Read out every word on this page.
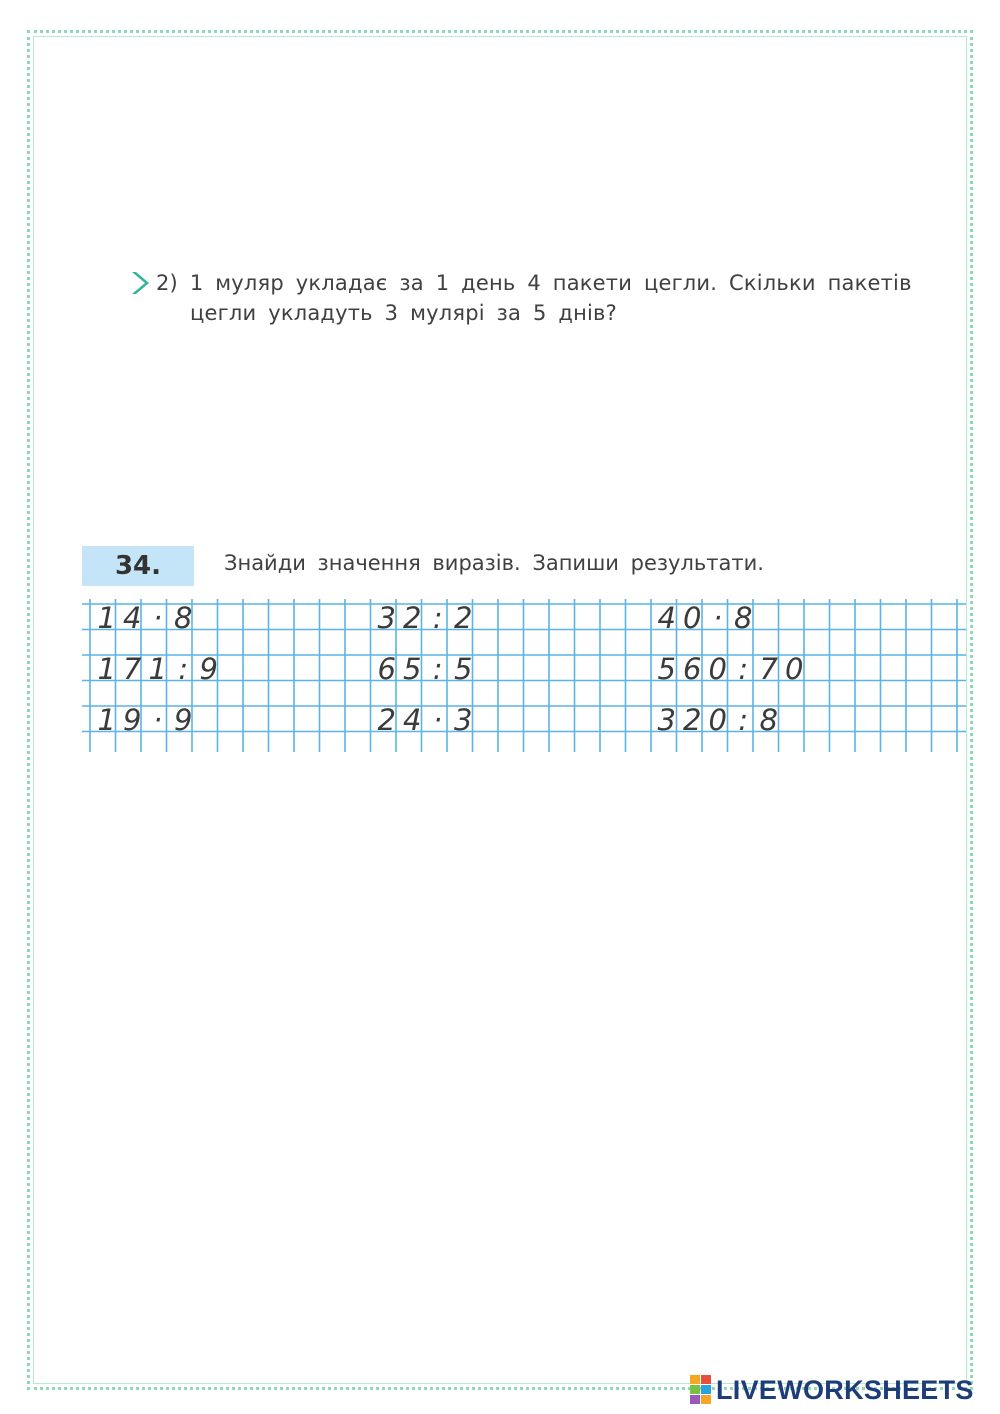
2) 1 муляр укладає за 1 день 4 пакети цегли. Скільки пакетів
цегли укладуть 3 мулярі за 5 днів?
34.	Знайди значення виразів. Запиши результати.
1 4 · 8	3 2 : 2	4 0 · 8
1 7 1 : 9	6 5 : 5	5 6 0 : 7 0
1 9 · 9	2 4 · 3	3 2 0 : 8
LIVEWORKSHEETS
